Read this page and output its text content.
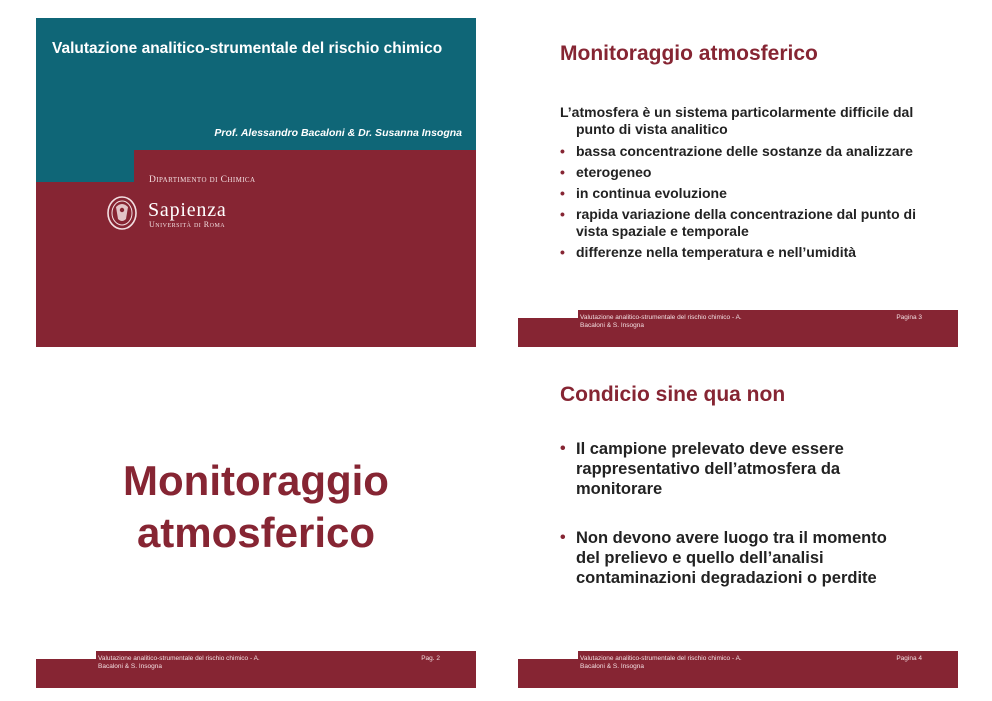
Valutazione analitico-strumentale del rischio chimico
Prof. Alessandro Bacaloni & Dr. Susanna Insogna
Dipartimento di Chimica
Sapienza
Università di Roma
Monitoraggio atmosferico
L’atmosfera è un sistema particolarmente difficile dal punto di vista analitico
• bassa concentrazione delle sostanze da analizzare
• eterogeneo
• in continua evoluzione
• rapida variazione della concentrazione dal punto di vista spaziale e temporale
• differenze nella temperatura e nell’umidità
Valutazione analitico-strumentale del rischio chimico - A. Bacaloni & S. Insogna
Pagina 3
Monitoraggio
atmosferico
Valutazione analitico-strumentale del rischio chimico - A. Bacaloni & S. Insogna
Pag. 2
Condicio sine qua non
• Il campione prelevato deve essere rappresentativo dell’atmosfera da monitorare
• Non devono avere luogo tra il momento del prelievo e quello dell’analisi contaminazioni degradazioni o perdite
Valutazione analitico-strumentale del rischio chimico - A. Bacaloni & S. Insogna
Pagina 4
